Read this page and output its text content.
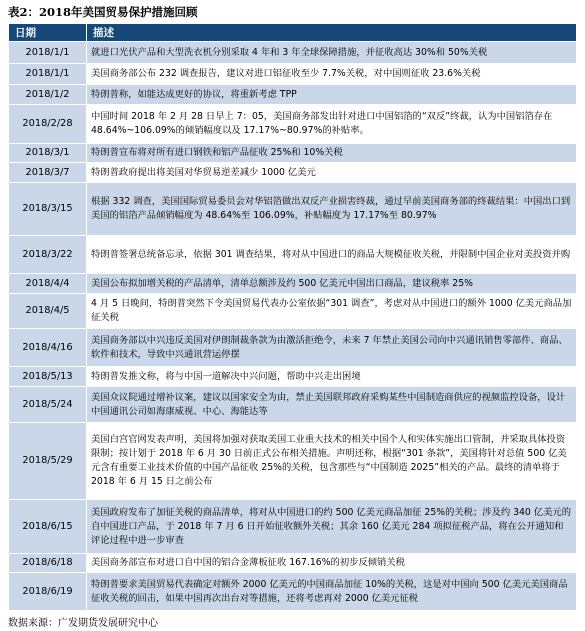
表2：2018年美国贸易保护措施回顾
日期	描述
2018/1/1	就进口光伏产品和大型洗衣机分别采取 4 年和 3 年全球保障措施，并征收高达 30%和 50%关税
2018/1/1	美国商务部公布 232 调查报告，建议对进口铝征收至少 7.7%关税，对中国则征收 23.6%关税
2018/1/2	特朗普称，如能达成更好的协议，将重新考虑 TPP
2018/2/28	中国时间 2018 年 2 月 28 日早上 7：05，美国商务部发出针对进口中国铝箔的“双反”终裁，认为中国铝箔存在 48.64%~106.09%的倾销幅度以及 17.17%~80.97%的补贴率。
2018/3/1	特朗普宣布将对所有进口钢铁和铝产品征收 25%和 10%关税
2018/3/7	特朗普政府提出将美国对华贸易逆差减少 1000 亿美元
2018/3/15	根据 332 调查，美国国际贸易委员会对华铝箔做出双反产业损害终裁，通过早前美国商务部的终裁结果：中国出口到美国的铝箔产品倾销幅度为 48.64%至 106.09%，补贴幅度为 17.17%至 80.97%
2018/3/22	特朗普签署总统备忘录，依据 301 调查结果，将对从中国进口的商品大规模征收关税，并限制中国企业对美投资并购
2018/4/4	美国公布拟加增关税的产品清单，清单总额涉及约 500 亿美元中国出口商品，建议税率 25%
2018/4/5	4 月 5 日晚间，特朗普突然下令美国贸易代表办公室依据“301 调查”，考虑对从中国进口的额外 1000 亿美元商品加征关税
2018/4/16	美国商务部以中兴违反美国对伊朗制裁条款为由激活拒绝令，未来 7 年禁止美国公司向中兴通讯销售零部件、商品、软件和技术，导致中兴通讯营运停摆
2018/5/13	特朗普发推文称，将与中国一道解决中兴问题，帮助中兴走出困境
2018/5/24	美国众议院通过增补议案，建议以国家安全为由，禁止美国联邦政府采购某些中国制造商供应的视频监控设备，设计中国通讯公司如海康威视、中心、海能达等
2018/5/29	美国白宫官网发表声明，美国将加强对获取美国工业重大技术的相关中国个人和实体实施出口管制，并采取具体投资限制；按计划于 2018 年 6 月 30 日前正式公布相关措施。声明还称，根据“301 条款”，美国将针对总值 500 亿美元含有重要工业技术价值的中国产品征收 25%的关税，包含那些与“中国制造 2025”相关的产品。最终的清单将于 2018 年 6 月 15 日之前公布
2018/6/15	美国政府发布了加征关税的商品清单，将对从中国进口的约 500 亿美元商品加征 25%的关税；涉及约 340 亿美元的自中国进口产品，于 2018 年 7 月 6 日开始征收额外关税；其余 160 亿美元 284 项拟征税产品，将在公开通知和评论过程中进一步审查
2018/6/18	美国商务部宣布对进口自中国的铝合金薄板征收 167.16%的初步反倾销关税
2018/6/19	特朗普要求美国贸易代表确定对额外 2000 亿美元的中国商品加征 10%的关税，这是对中国向 500 亿美元美国商品征收关税的回击，如果中国再次出台对等措施，还将考虑再对 2000 亿美元征税
数据来源：广发期货发展研究中心
